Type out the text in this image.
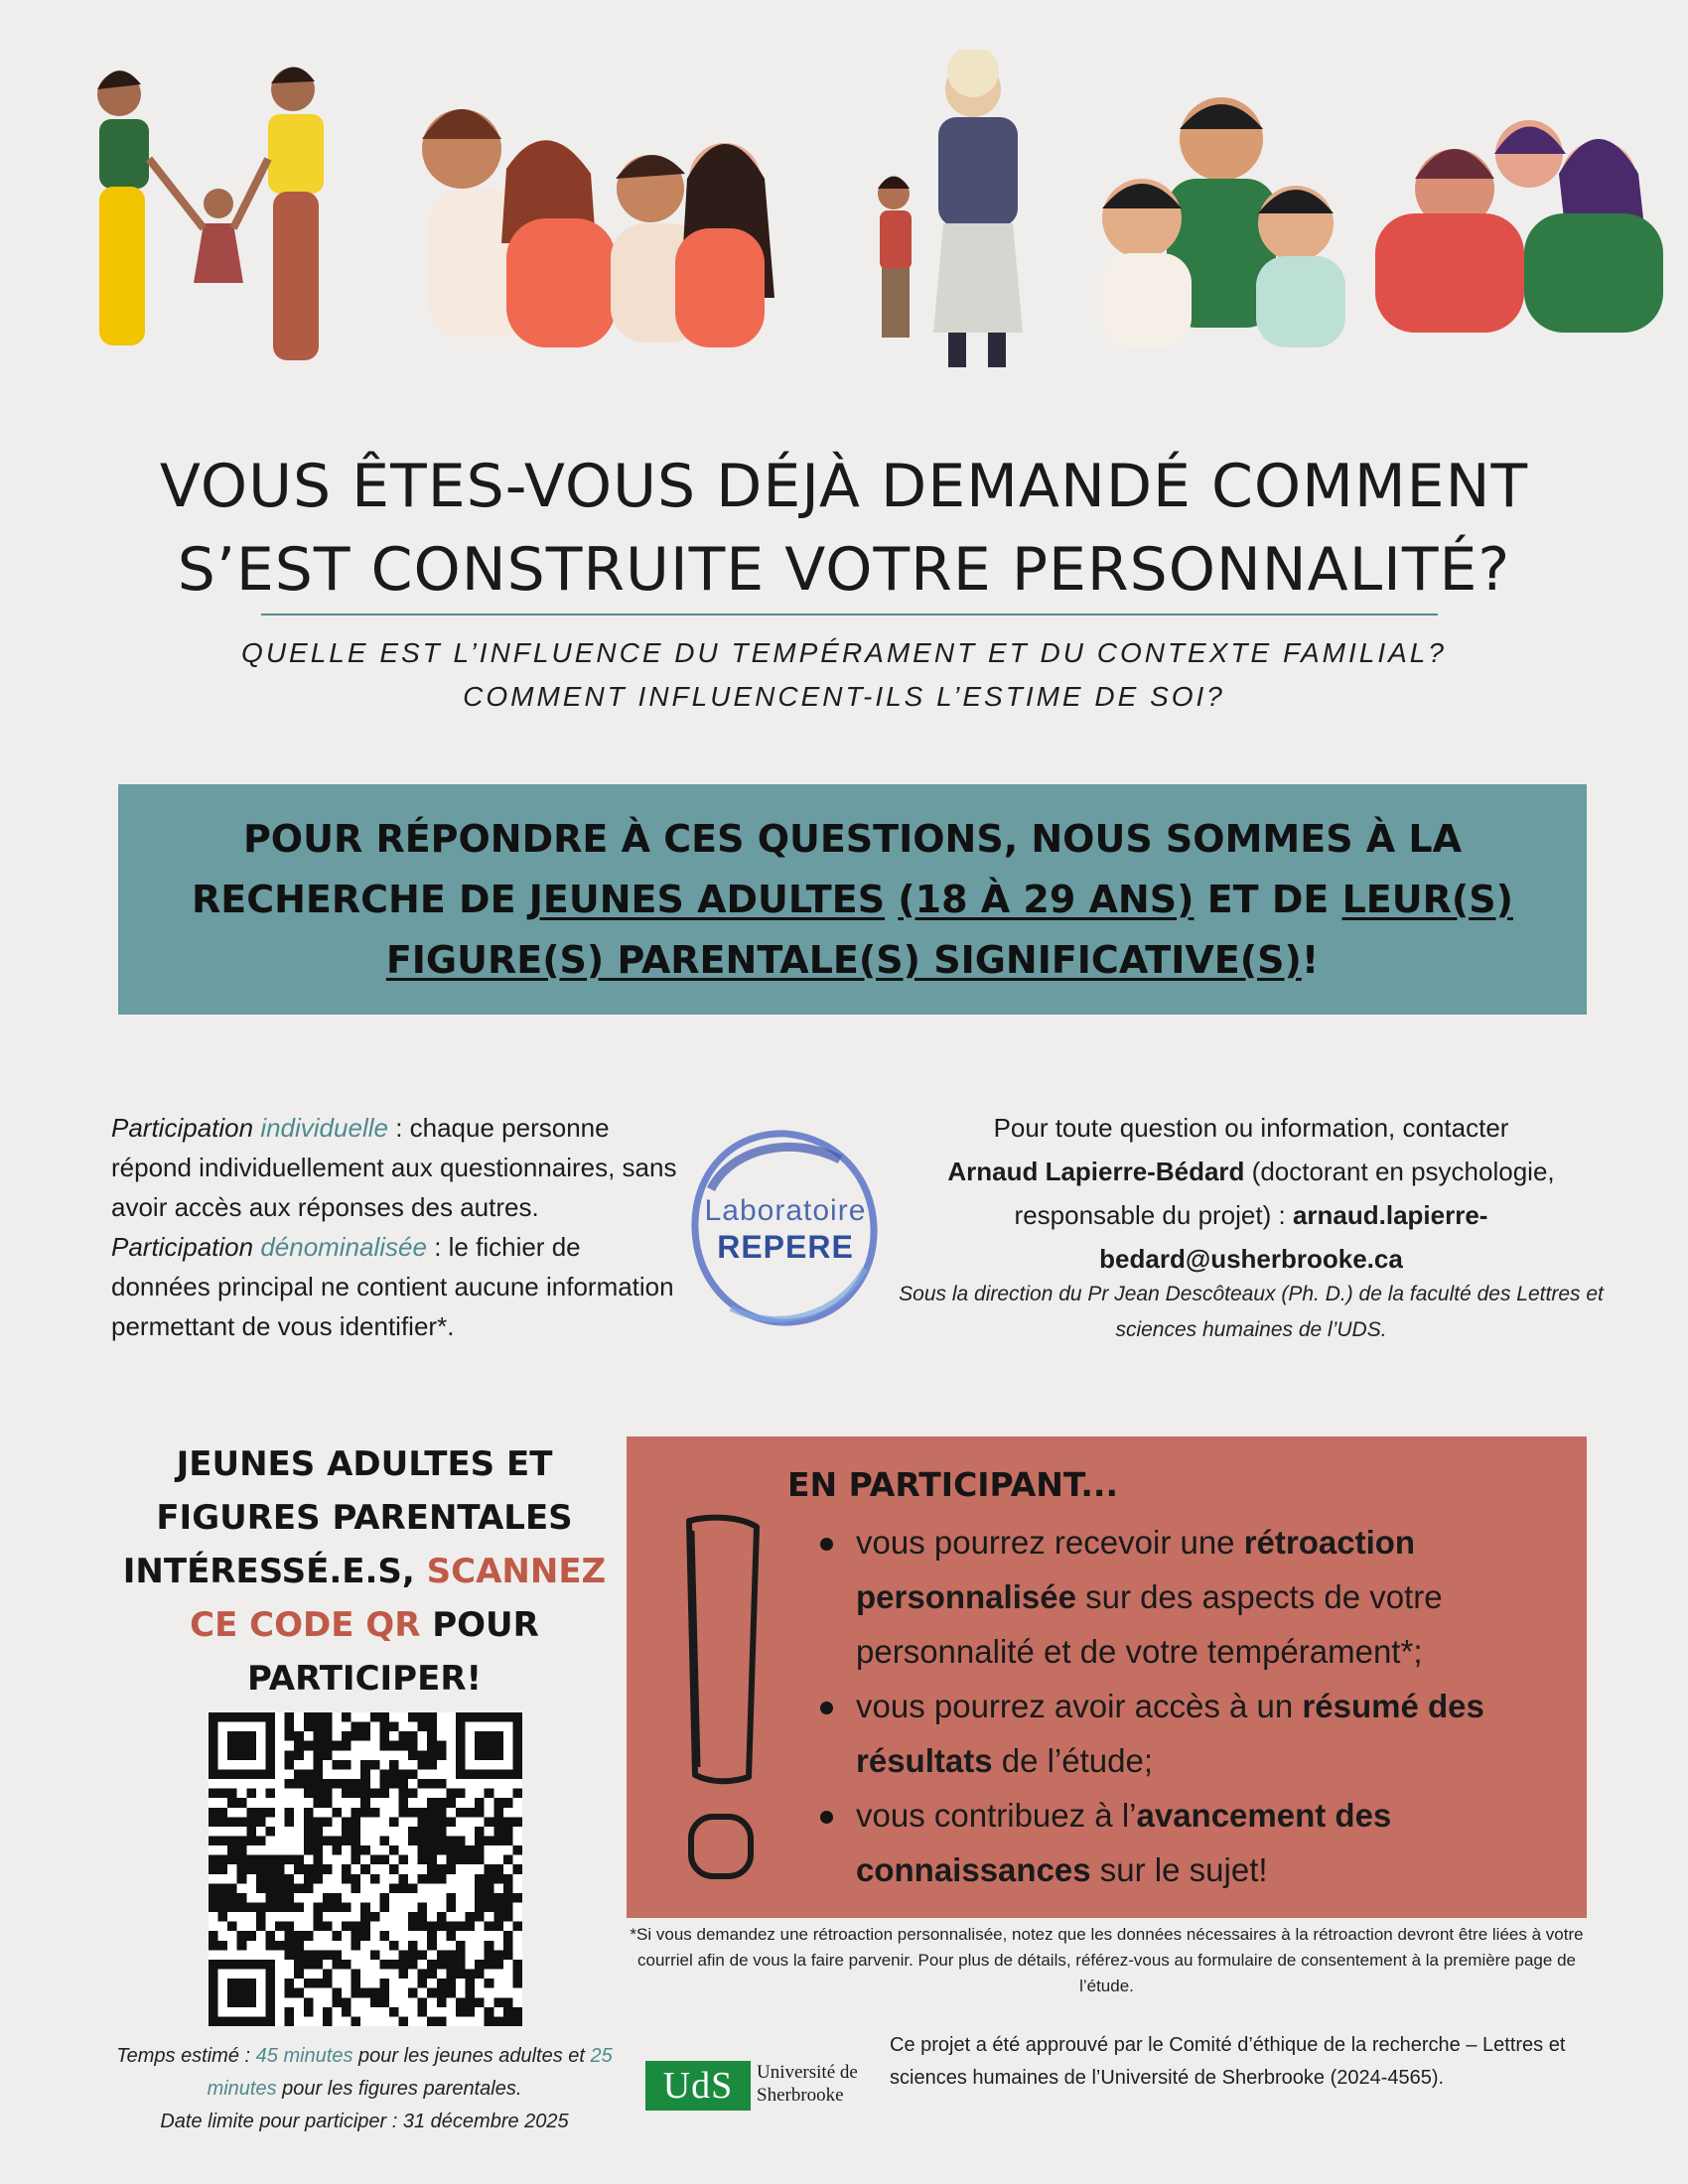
VOUS ÊTES-VOUS DÉJÀ DEMANDÉ COMMENT
S’EST CONSTRUITE VOTRE PERSONNALITÉ?
QUELLE EST L’INFLUENCE DU TEMPÉRAMENT ET DU CONTEXTE FAMILIAL?
COMMENT INFLUENCENT-ILS L’ESTIME DE SOI?

POUR RÉPONDRE À CES QUESTIONS, NOUS SOMMES À LA RECHERCHE DE JEUNES ADULTES (18 À 29 ANS) ET DE LEUR(S) FIGURE(S) PARENTALE(S) SIGNIFICATIVE(S)!

Participation individuelle : chaque personne répond individuellement aux questionnaires, sans avoir accès aux réponses des autres.

Participation dénominalisée : le fichier de données principal ne contient aucune information permettant de vous identifier*.

Laboratoire
REPERE
Pour toute question ou information, contacter
Arnaud Lapierre-Bédard (doctorant en psychologie, responsable du projet) : arnaud.lapierre-bedard@usherbrooke.ca
Sous la direction du Pr Jean Descôteaux (Ph. D.) de la faculté des Lettres et sciences humaines de l’UDS.
JEUNES ADULTES ET FIGURES PARENTALES INTÉRESSÉ.E.S, SCANNEZ CE CODE QR POUR PARTICIPER!
Temps estimé : 45 minutes pour les jeunes adultes et 25 minutes pour les figures parentales.
Date limite pour participer : 31 décembre 2025
EN PARTICIPANT...
vous pourrez recevoir une rétroaction personnalisée sur des aspects de votre personnalité et de votre tempérament*;
vous pourrez avoir accès à un résumé des résultats de l’étude;
vous contribuez à l’avancement des connaissances sur le sujet!
*Si vous demandez une rétroaction personnalisée, notez que les données nécessaires à la rétroaction devront être liées à votre courriel afin de vous la faire parvenir. Pour plus de détails, référez-vous au formulaire de consentement à la première page de l’étude.
UdS	Université de
Sherbrooke
Ce projet a été approuvé par le Comité d’éthique de la recherche – Lettres et sciences humaines de l’Université de Sherbrooke (2024-4565).
